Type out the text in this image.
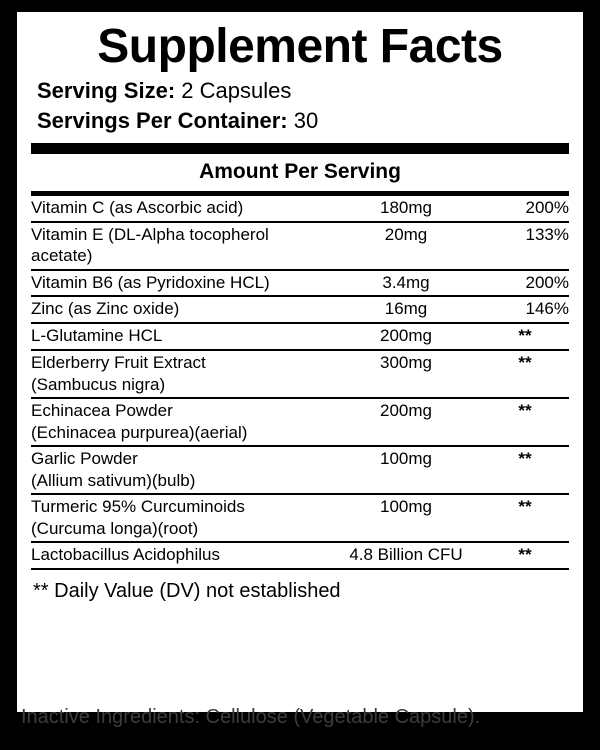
Supplement Facts
Serving Size: 2 Capsules
Servings Per Container: 30
Amount Per Serving
Vitamin C (as Ascorbic acid)	180mg	200%
Vitamin E (DL-Alpha tocopherol acetate)	20mg	133%
Vitamin B6 (as Pyridoxine HCL)	3.4mg	200%
Zinc (as Zinc oxide)	16mg	146%
L-Glutamine HCL	200mg	**
Elderberry Fruit Extract
(Sambucus nigra)	300mg	**
Echinacea Powder
(Echinacea purpurea)(aerial)	200mg	**
Garlic Powder
(Allium sativum)(bulb)	100mg	**
Turmeric 95% Curcuminoids
(Curcuma longa)(root)	100mg	**
Lactobacillus Acidophilus	4.8 Billion CFU	**
** Daily Value (DV) not established
Inactive Ingredients: Cellulose (Vegetable Capsule).
